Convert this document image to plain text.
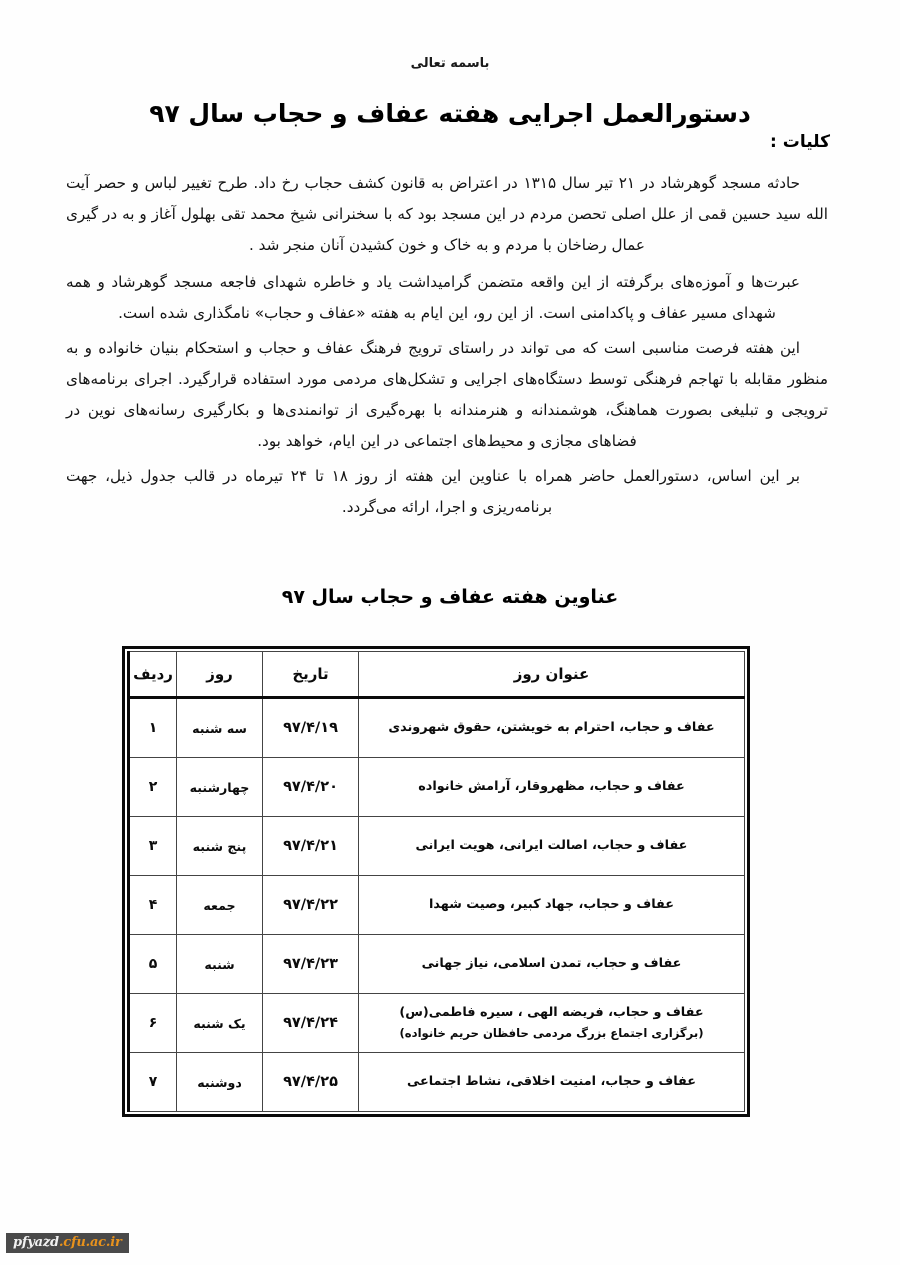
باسمه تعالی
دستورالعمل اجرایی هفته عفاف و حجاب سال ۹۷
کلیات :

حادثه مسجد گوهرشاد در ۲۱ تیر سال ۱۳۱۵ در اعتراض به قانون کشف حجاب رخ داد. طرح تغییر لباس و حصر آیت الله سید حسین قمی از علل اصلی تحصن مردم در این مسجد بود که با سخنرانی شیخ محمد تقی بهلول آغاز و به در گیری عمال رضاخان با مردم و به خاک و خون کشیدن آنان منجر شد .

عبرت‌ها و آموزه‌های برگرفته از این واقعه متضمن گرامیداشت یاد و خاطره شهدای فاجعه مسجد گوهرشاد و همه شهدای مسیر عفاف و پاکدامنی است. از این رو، این ایام به هفته «عفاف و حجاب» نامگذاری شده است.

این هفته فرصت مناسبی است که می تواند در راستای ترویج فرهنگ عفاف و حجاب و استحکام بنیان خانواده و به منظور مقابله با تهاجم فرهنگی توسط دستگاه‌های اجرایی و تشکل‌های مردمی مورد استفاده قرارگیرد. اجرای برنامه‌های ترویجی و تبلیغی بصورت هماهنگ، هوشمندانه و هنرمندانه با بهره‌گیری از توانمندی‌ها و بکارگیری رسانه‌های نوین در فضاهای مجازی و محیط‌های اجتماعی در این ایام، خواهد بود.

بر این اساس، دستورالعمل حاضر همراه با عناوین این هفته از روز ۱۸ تا ۲۴ تیرماه در قالب جدول ذیل، جهت برنامه‌ریزی و اجرا، ارائه می‌گردد.

عناوین هفته عفاف و حجاب سال ۹۷
عنوان روز	تاریخ	روز	ردیف
عفاف و حجاب، احترام به خویشتن، حقوق شهروندی	۹۷/۴/۱۹	سه شنبه	۱
عفاف و حجاب، مظهروقار، آرامش خانواده	۹۷/۴/۲۰	چهارشنبه	۲
عفاف و حجاب، اصالت ایرانی، هویت ایرانی	۹۷/۴/۲۱	پنج شنبه	۳
عفاف و حجاب، جهاد کبیر، وصیت شهدا	۹۷/۴/۲۲	جمعه	۴
عفاف و حجاب، تمدن اسلامی، نیاز جهانی	۹۷/۴/۲۳	شنبه	۵
عفاف و حجاب، فریضه الهی ، سیره فاطمی(س)
(برگزاری اجتماع بزرگ مردمی حافظان حریم خانواده)	۹۷/۴/۲۴	یک شنبه	۶
عفاف و حجاب، امنیت اخلاقی، نشاط اجتماعی	۹۷/۴/۲۵	دوشنبه	۷
pfyazd.cfu.ac.ir
